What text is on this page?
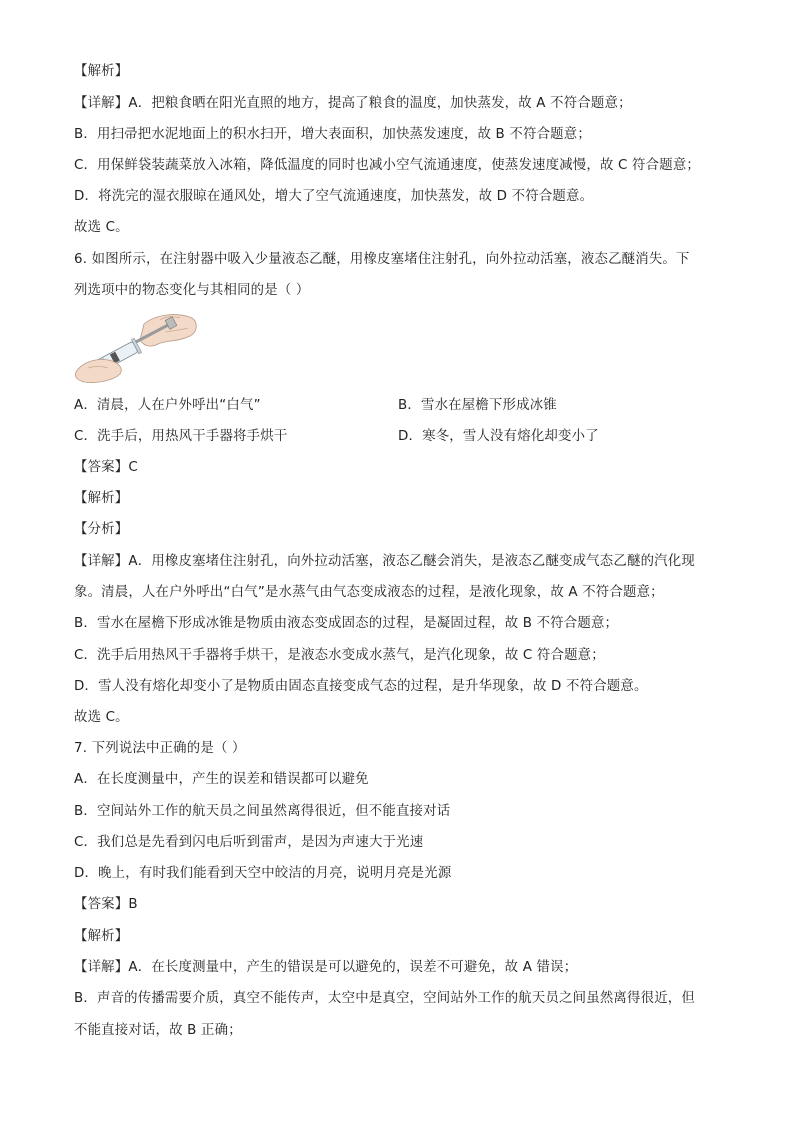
【解析】
【详解】A．把粮食晒在阳光直照的地方，提高了粮食的温度，加快蒸发，故 A 不符合题意；
B．用扫帚把水泥地面上的积水扫开，增大表面积，加快蒸发速度，故 B 不符合题意；
C．用保鲜袋装蔬菜放入冰箱，降低温度的同时也减小空气流通速度，使蒸发速度减慢，故 C 符合题意；
D．将洗完的湿衣服晾在通风处，增大了空气流通速度，加快蒸发，故 D 不符合题意。
故选 C。
6. 如图所示，在注射器中吸入少量液态乙醚，用橡皮塞堵住注射孔，向外拉动活塞，液态乙醚消失。下
列选项中的物态变化与其相同的是（ ）
A．清晨，人在户外呼出“白气”	B．雪水在屋檐下形成冰锥
C．洗手后，用热风干手器将手烘干	D．寒冬，雪人没有熔化却变小了
【答案】C
【解析】
【分析】
【详解】A．用橡皮塞堵住注射孔，向外拉动活塞，液态乙醚会消失，是液态乙醚变成气态乙醚的汽化现
象。清晨，人在户外呼出“白气”是水蒸气由气态变成液态的过程，是液化现象，故 A 不符合题意；
B．雪水在屋檐下形成冰锥是物质由液态变成固态的过程，是凝固过程，故 B 不符合题意；
C．洗手后用热风干手器将手烘干，是液态水变成水蒸气，是汽化现象，故 C 符合题意；
D．雪人没有熔化却变小了是物质由固态直接变成气态的过程，是升华现象，故 D 不符合题意。
故选 C。
7. 下列说法中正确的是（ ）
A．在长度测量中，产生的误差和错误都可以避免
B．空间站外工作的航天员之间虽然离得很近，但不能直接对话
C．我们总是先看到闪电后听到雷声，是因为声速大于光速
D．晚上，有时我们能看到天空中皎洁的月亮，说明月亮是光源
【答案】B
【解析】
【详解】A．在长度测量中，产生的错误是可以避免的，误差不可避免，故 A 错误；
B．声音的传播需要介质，真空不能传声，太空中是真空，空间站外工作的航天员之间虽然离得很近，但
不能直接对话，故 B 正确；
